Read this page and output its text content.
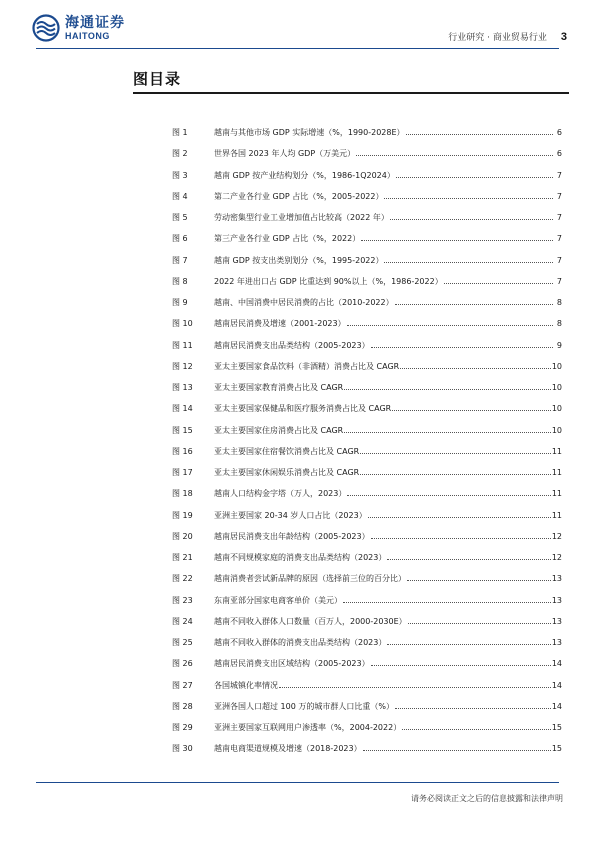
海通证券
HAITONG	行业研究 · 商业贸易行业 3
图目录
图 1	越南与其他市场 GDP 实际增速（%，1990-2028E）	6
图 2	世界各国 2023 年人均 GDP（万美元）	6
图 3	越南 GDP 按产业结构划分（%，1986-1Q2024）	7
图 4	第二产业各行业 GDP 占比（%，2005-2022）	7
图 5	劳动密集型行业工业增加值占比较高（2022 年）	7
图 6	第三产业各行业 GDP 占比（%，2022）	7
图 7	越南 GDP 按支出类别划分（%，1995-2022）	7
图 8	2022 年进出口占 GDP 比重达到 90%以上（%，1986-2022）	7
图 9	越南、中国消费中居民消费的占比（2010-2022）	8
图 10	越南居民消费及增速（2001-2023）	8
图 11	越南居民消费支出品类结构（2005-2023）	9
图 12	亚太主要国家食品饮料（非酒精）消费占比及 CAGR	10
图 13	亚太主要国家教育消费占比及 CAGR	10
图 14	亚太主要国家保健品和医疗服务消费占比及 CAGR	10
图 15	亚太主要国家住房消费占比及 CAGR	10
图 16	亚太主要国家住宿餐饮消费占比及 CAGR	11
图 17	亚太主要国家休闲娱乐消费占比及 CAGR	11
图 18	越南人口结构金字塔（万人，2023）	11
图 19	亚洲主要国家 20-34 岁人口占比（2023）	11
图 20	越南居民消费支出年龄结构（2005-2023）	12
图 21	越南不同规模家庭的消费支出品类结构（2023）	12
图 22	越南消费者尝试新品牌的原因（选择前三位的百分比）	13
图 23	东南亚部分国家电商客单价（美元）	13
图 24	越南不同收入群体人口数量（百万人，2000-2030E）	13
图 25	越南不同收入群体的消费支出品类结构（2023）	13
图 26	越南居民消费支出区域结构（2005-2023）	14
图 27	各国城镇化率情况	14
图 28	亚洲各国人口超过 100 万的城市群人口比重（%）	14
图 29	亚洲主要国家互联网用户渗透率（%，2004-2022）	15
图 30	越南电商渠道规模及增速（2018-2023）	15
请务必阅读正文之后的信息披露和法律声明
